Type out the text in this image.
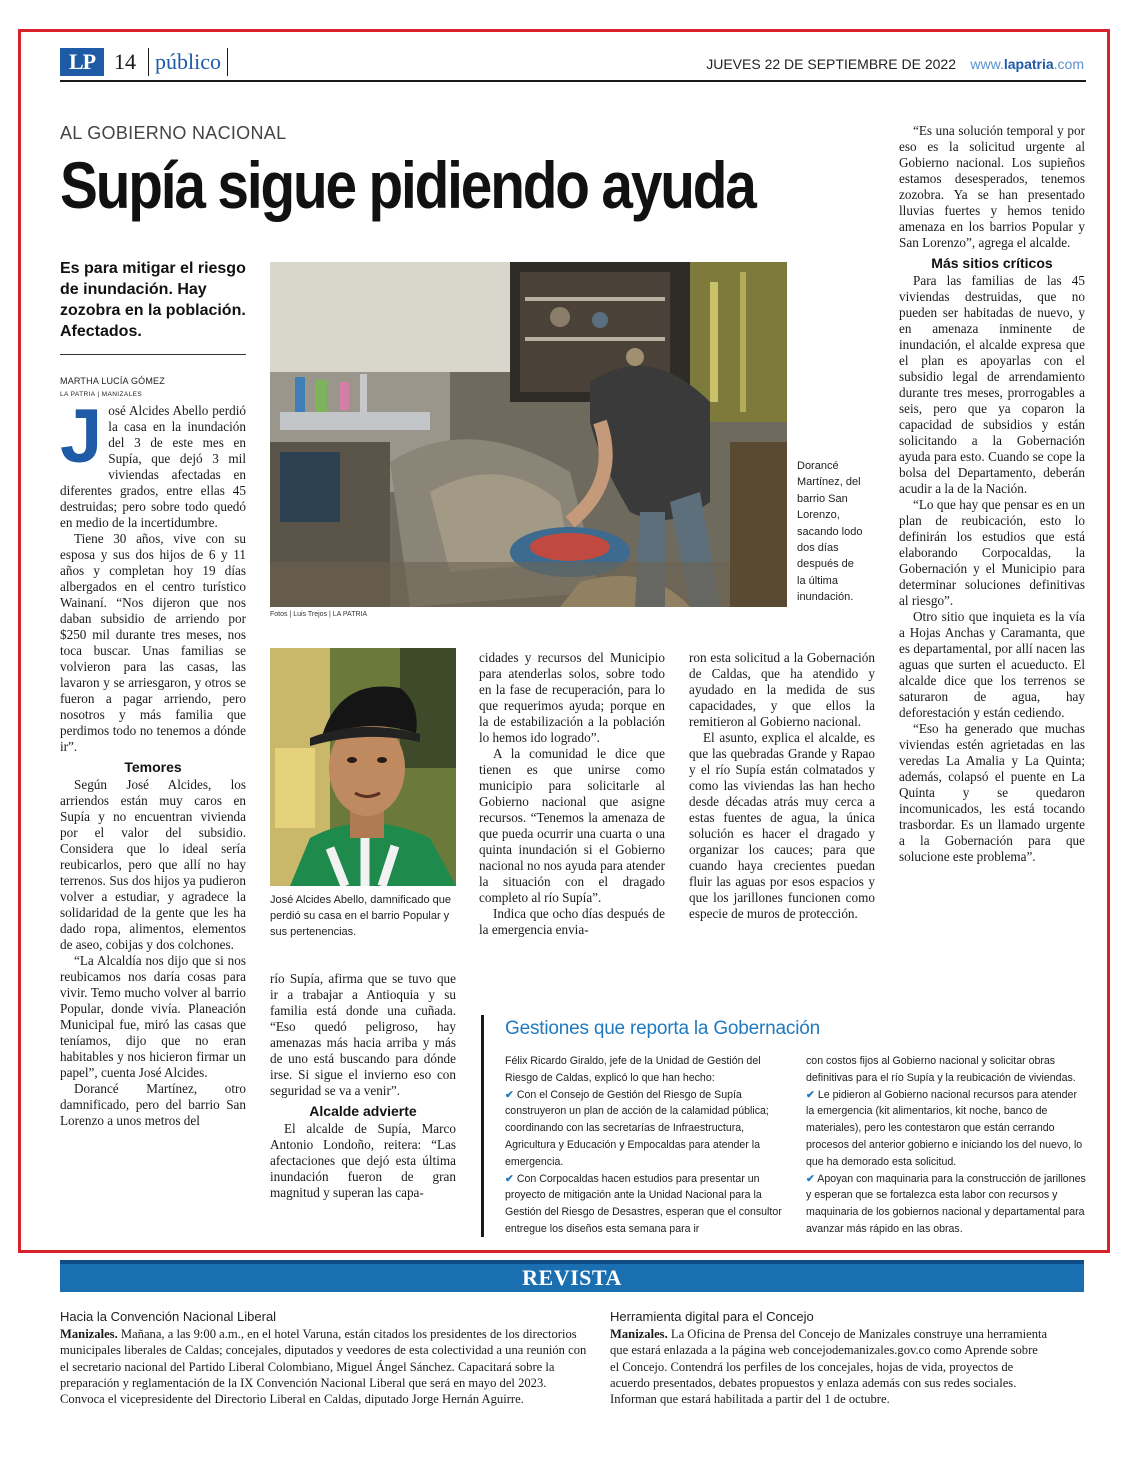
LP 14 público	JUEVES 22 DE SEPTIEMBRE DE 2022 www.lapatria.com
AL GOBIERNO NACIONAL
Supía sigue pidiendo ayuda
Es para mitigar el riesgo de inundación. Hay zozobra en la población. Afectados.
MARTHA LUCÍA GÓMEZ
LA PATRIA | MANIZALES
J osé Alcides Abello perdió la casa en la inundación del 3 de este mes en Supía, que dejó 3 mil viviendas afectadas en diferentes grados, entre ellas 45 destruidas; pero sobre todo quedó en medio de la incertidumbre.

Tiene 30 años, vive con su esposa y sus dos hijos de 6 y 11 años y completan hoy 19 días albergados en el centro turístico Wainaní. “Nos dijeron que nos daban subsidio de arriendo por $250 mil durante tres meses, nos toca buscar. Unas familias se volvieron para las casas, las lavaron y se arriesgaron, y otros se fueron a pagar arriendo, pero nosotros y más familia que perdimos todo no tenemos a dónde ir”.

Temores

Según José Alcides, los arriendos están muy caros en Supía y no encuentran vivienda por el valor del subsidio. Considera que lo ideal sería reubicarlos, pero que allí no hay terrenos. Sus dos hijos ya pudieron volver a estudiar, y agradece la solidaridad de la gente que les ha dado ropa, alimentos, elementos de aseo, cobijas y dos colchones.

“La Alcaldía nos dijo que si nos reubicamos nos daría cosas para vivir. Temo mucho volver al barrio Popular, donde vivía. Planeación Municipal fue, miró las casas que teníamos, dijo que no eran habitables y nos hicieron firmar un papel”, cuenta José Alcides.

Dorancé Martínez, otro damnificado, pero del barrio San Lorenzo a unos metros del

Fotos | Luis Trejos | LA PATRIA
Dorancé Martínez, del barrio San Lorenzo, sacando lodo dos días después de la última inundación.
José Alcides Abello, damnificado que perdió su casa en el barrio Popular y sus pertenencias.

río Supía, afirma que se tuvo que ir a trabajar a Antioquia y su familia está donde una cuñada. “Eso quedó peligroso, hay amenazas más hacia arriba y más de uno está buscando para dónde irse. Si sigue el invierno eso con seguridad se va a venir”.

Alcalde advierte

El alcalde de Supía, Marco Antonio Londoño, reitera: “Las afectaciones que dejó esta última inundación fueron de gran magnitud y superan las capa-

cidades y recursos del Municipio para atenderlas solos, sobre todo en la fase de recuperación, para lo que requerimos ayuda; porque en la de estabilización a la población lo hemos ido logrado”.

A la comunidad le dice que tienen es que unirse como municipio para solicitarle al Gobierno nacional que asigne recursos. “Tenemos la amenaza de que pueda ocurrir una cuarta o una quinta inundación si el Gobierno nacional no nos ayuda para atender la situación con el dragado completo al río Supía”.

Indica que ocho días después de la emergencia envia-

ron esta solicitud a la Gobernación de Caldas, que ha atendido y ayudado en la medida de sus capacidades, y que ellos la remitieron al Gobierno nacional.

El asunto, explica el alcalde, es que las quebradas Grande y Rapao y el río Supía están colmatados y como las viviendas las han hecho desde décadas atrás muy cerca a estas fuentes de agua, la única solución es hacer el dragado y organizar los cauces; para que cuando haya crecientes puedan fluir las aguas por esos espacios y que los jarillones funcionen como especie de muros de protección.

“Es una solución temporal y por eso es la solicitud urgente al Gobierno nacional. Los supieños estamos desesperados, tenemos zozobra. Ya se han presentado lluvias fuertes y hemos tenido amenaza en los barrios Popular y San Lorenzo”, agrega el alcalde.

Más sitios críticos

Para las familias de las 45 viviendas destruidas, que no pueden ser habitadas de nuevo, y en amenaza inminente de inundación, el alcalde expresa que el plan es apoyarlas con el subsidio legal de arrendamiento durante tres meses, prorrogables a seis, pero que ya coparon la capacidad de subsidios y están solicitando a la Gobernación ayuda para esto. Cuando se cope la bolsa del Departamento, deberán acudir a la de la Nación.

“Lo que hay que pensar es en un plan de reubicación, esto lo definirán los estudios que está elaborando Corpocaldas, la Gobernación y el Municipio para determinar soluciones definitivas al riesgo”.

Otro sitio que inquieta es la vía a Hojas Anchas y Caramanta, que es departamental, por allí nacen las aguas que surten el acueducto. El alcalde dice que los terrenos se saturaron de agua, hay deforestación y están cediendo.

“Eso ha generado que muchas viviendas estén agrietadas en las veredas La Amalia y La Quinta; además, colapsó el puente en La Quinta y se quedaron incomunicados, les está tocando trasbordar. Es un llamado urgente a la Gobernación para que solucione este problema”.

Gestiones que reporta la Gobernación
Félix Ricardo Giraldo, jefe de la Unidad de Gestión del Riesgo de Caldas, explicó lo que han hecho:
✔ Con el Consejo de Gestión del Riesgo de Supía construyeron un plan de acción de la calamidad pública; coordinando con las secretarías de Infraestructura, Agricultura y Educación y Empocaldas para atender la emergencia.
✔ Con Corpocaldas hacen estudios para presentar un proyecto de mitigación ante la Unidad Nacional para la Gestión del Riesgo de Desastres, esperan que el consultor entregue los diseños esta semana para ir
con costos fijos al Gobierno nacional y solicitar obras definitivas para el río Supía y la reubicación de viviendas.
✔ Le pidieron al Gobierno nacional recursos para atender la emergencia (kit alimentarios, kit noche, banco de materiales), pero les contestaron que están cerrando procesos del anterior gobierno e iniciando los del nuevo, lo que ha demorado esta solicitud.
✔ Apoyan con maquinaria para la construcción de jarillones y esperan que se fortalezca esta labor con recursos y maquinaria de los gobiernos nacional y departamental para avanzar más rápido en las obras.
REVISTA
Hacia la Convención Nacional Liberal
Manizales. Mañana, a las 9:00 a.m., en el hotel Varuna, están citados los presidentes de los directorios municipales liberales de Caldas; concejales, diputados y veedores de esta colectividad a una reunión con el secretario nacional del Partido Liberal Colombiano, Miguel Ángel Sánchez. Capacitará sobre la preparación y reglamentación de la IX Convención Nacional Liberal que será en mayo del 2023. Convoca el vicepresidente del Directorio Liberal en Caldas, diputado Jorge Hernán Aguirre.
Herramienta digital para el Concejo
Manizales. La Oficina de Prensa del Concejo de Manizales construye una herramienta que estará enlazada a la página web concejodemanizales.gov.co como Aprende sobre el Concejo. Contendrá los perfiles de los concejales, hojas de vida, proyectos de acuerdo presentados, debates propuestos y enlaza además con sus redes sociales. Informan que estará habilitada a partir del 1 de octubre.
